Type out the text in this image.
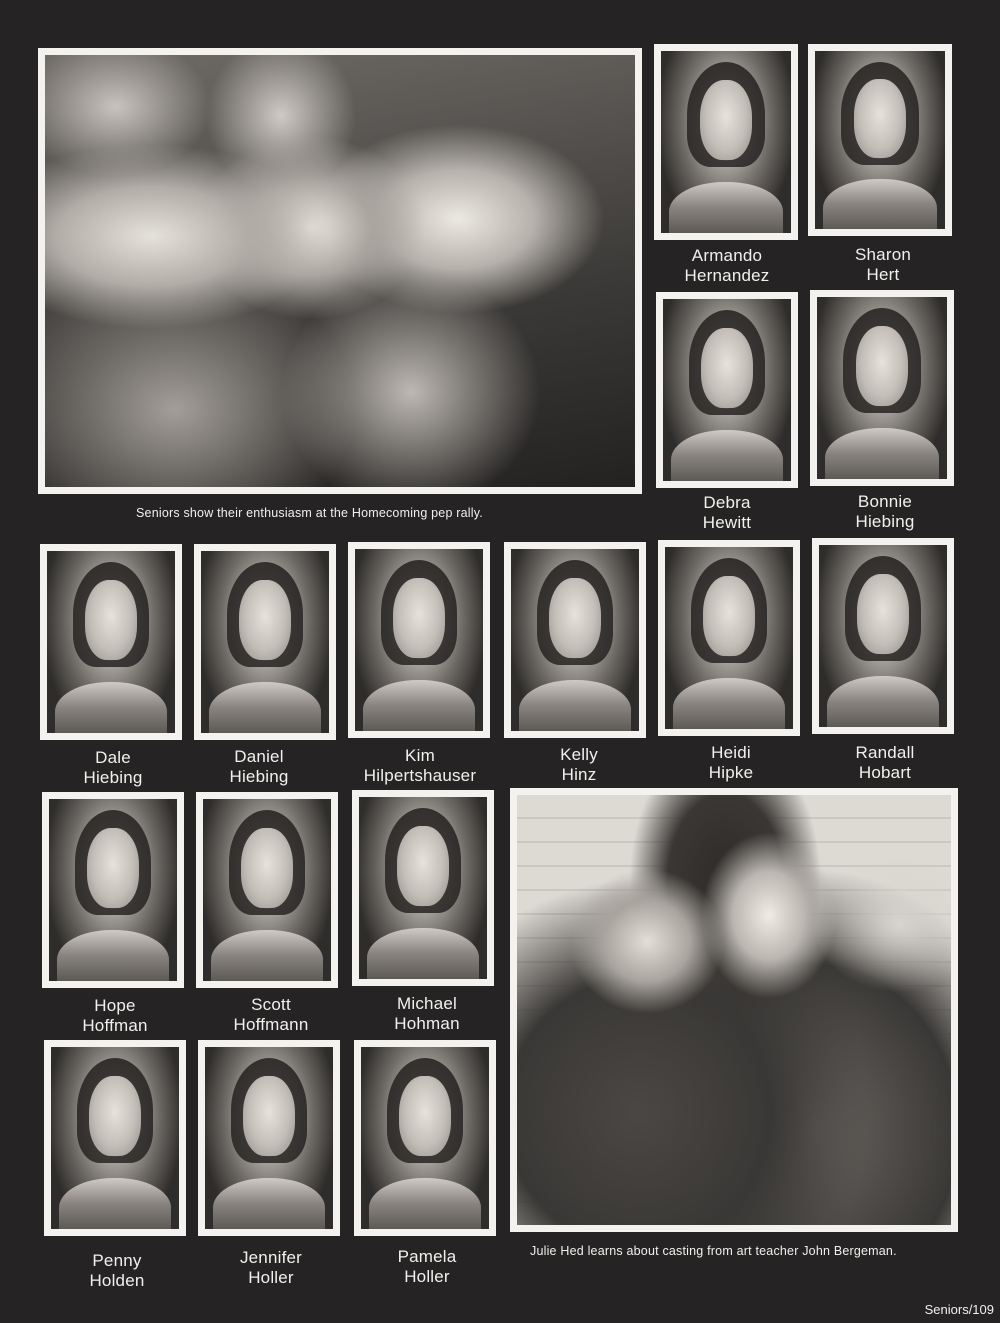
Seniors show their enthusiasm at the Homecoming pep rally.
Armando
Hernandez
Sharon
Hert
Debra
Hewitt
Bonnie
Hiebing
Dale
Hiebing
Daniel
Hiebing
Kim
Hilpertshauser
Kelly
Hinz
Heidi
Hipke
Randall
Hobart
Hope
Hoffman
Scott
Hoffmann
Michael
Hohman
Penny
Holden
Jennifer
Holler
Pamela
Holler
Julie Hed learns about casting from art teacher John Bergeman.
Seniors/109
